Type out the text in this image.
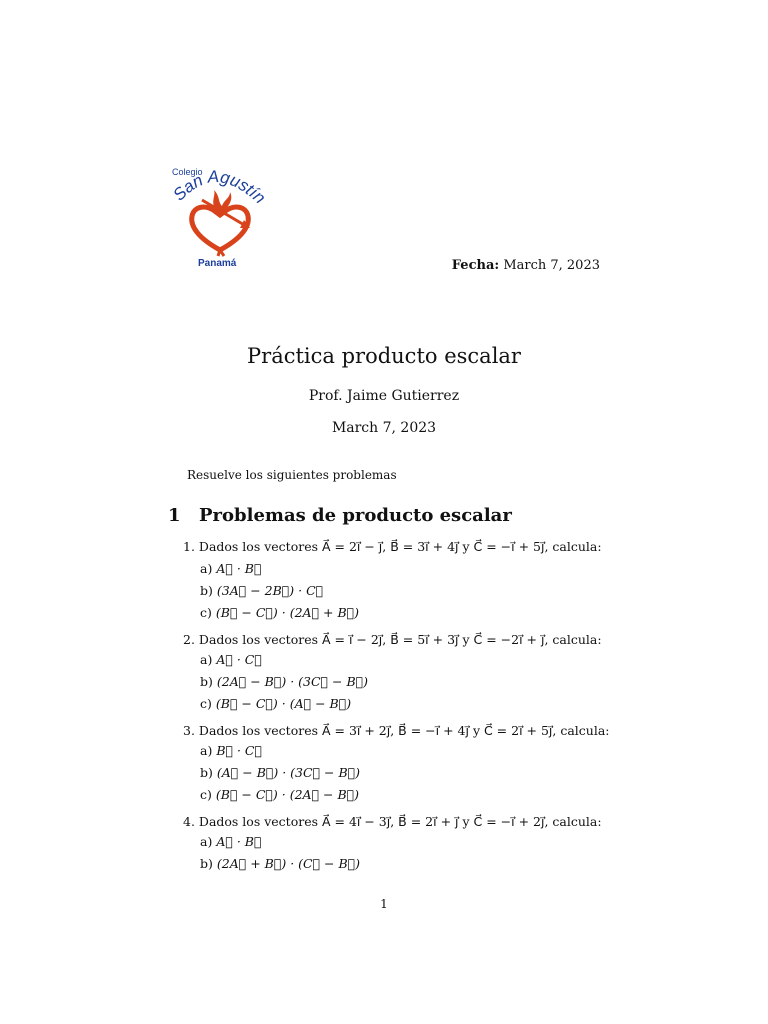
Colegio
San Agustín
Panamá	Fecha: March 7, 2023
Práctica producto escalar
Prof. Jaime Gutierrez
March 7, 2023
Resuelve los siguientes problemas
1 Problemas de producto escalar
1. Dados los vectores A⃗ = 2i⃗ − j⃗, B⃗ = 3i⃗ + 4j⃗ y C⃗ = −i⃗ + 5j⃗, calcula:
a) A⃗ · B⃗
b) (3A⃗ − 2B⃗) · C⃗
c) (B⃗ − C⃗) · (2A⃗ + B⃗)
2. Dados los vectores A⃗ = i⃗ − 2j⃗, B⃗ = 5i⃗ + 3j⃗ y C⃗ = −2i⃗ + j⃗, calcula:
a) A⃗ · C⃗
b) (2A⃗ − B⃗) · (3C⃗ − B⃗)
c) (B⃗ − C⃗) · (A⃗ − B⃗)
3. Dados los vectores A⃗ = 3i⃗ + 2j⃗, B⃗ = −i⃗ + 4j⃗ y C⃗ = 2i⃗ + 5j⃗, calcula:
a) B⃗ · C⃗
b) (A⃗ − B⃗) · (3C⃗ − B⃗)
c) (B⃗ − C⃗) · (2A⃗ − B⃗)
4. Dados los vectores A⃗ = 4i⃗ − 3j⃗, B⃗ = 2i⃗ + j⃗ y C⃗ = −i⃗ + 2j⃗, calcula:
a) A⃗ · B⃗
b) (2A⃗ + B⃗) · (C⃗ − B⃗)
1
